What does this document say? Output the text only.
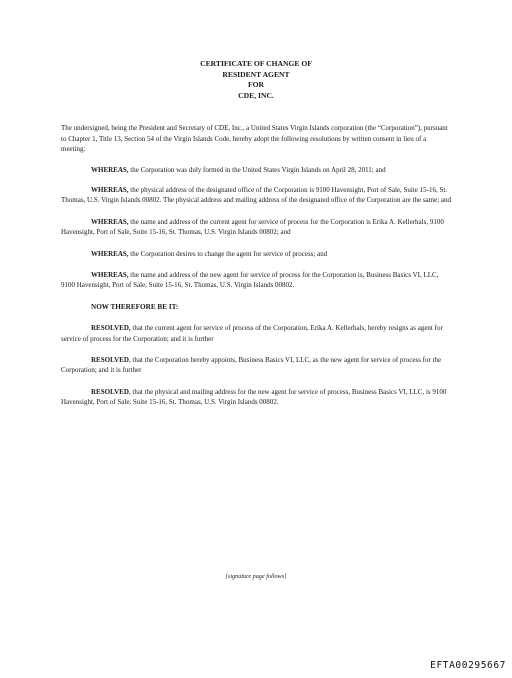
CERTIFICATE OF CHANGE OF
RESIDENT AGENT
FOR
CDE, INC.

The undersigned, being the President and Secretary of CDE, Inc., a United States Virgin Islands corporation (the “Corporation”), pursuant to Chapter 1, Title 13, Section 54 of the Virgin Islands Code, hereby adopt the following resolutions by written consent in lieu of a meeting:

WHEREAS, the Corporation was duly formed in the United States Virgin Islands on April 28, 2011; and

WHEREAS, the physical address of the designated office of the Corporation is 9100 Havensight, Port of Sale, Suite 15-16, St. Thomas, U.S. Virgin Islands 00802. The physical address and mailing address of the designated office of the Corporation are the same; and

WHEREAS, the name and address of the current agent for service of process for the Corporation is Erika A. Kellerhals, 9100 Havensight, Port of Sale, Suite 15-16, St. Thomas, U.S. Virgin Islands 00802; and

WHEREAS, the Corporation desires to change the agent for service of process; and

WHEREAS, the name and address of the new agent for service of process for the Corporation is, Business Basics VI, LLC, 9100 Havensight, Port of Sale, Suite 15-16, St. Thomas, U.S. Virgin Islands 00802.

NOW THEREFORE BE IT:

RESOLVED, that the current agent for service of process of the Corporation, Erika A. Kellerhals, hereby resigns as agent for service of process for the Corporation; and it is further

RESOLVED, that the Corporation hereby appoints, Business Basics VI, LLC, as the new agent for service of process for the Corporation; and it is further

RESOLVED, that the physical and mailing address for the new agent for service of process, Business Basics VI, LLC, is 9100 Havensight, Port of Sale, Suite 15-16, St. Thomas, U.S. Virgin Islands 00802.

[signature page follows]
EFTA00295667
